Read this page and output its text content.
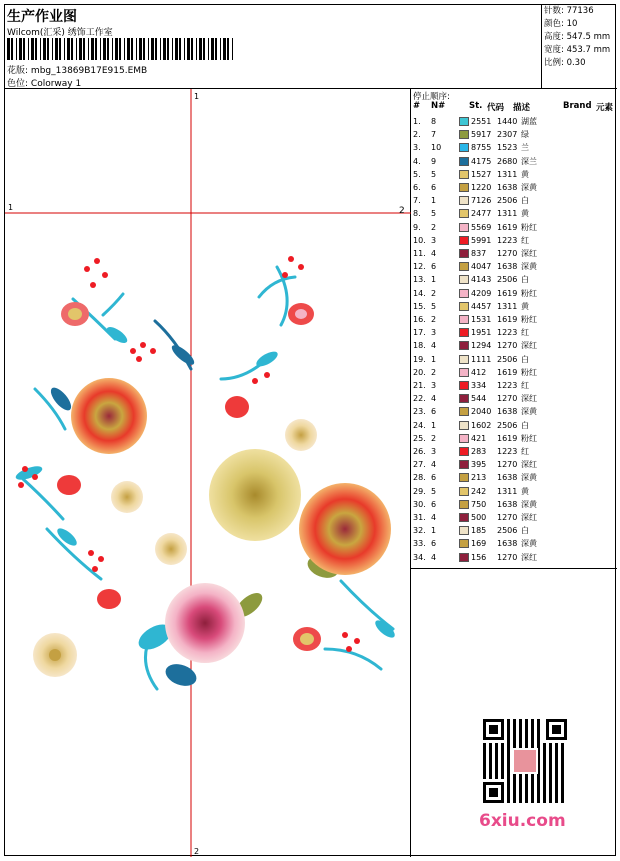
生产作业图
Wilcom(汇采) 绣饰工作室
花版: mbg_13869B17E915.EMB
色位: Colorway 1
针数: 77136
颜色: 10
高度: 547.5 mm
宽度: 453.7 mm
比例: 0.30
1
1	2
2
停止顺序:
# N#	St. 代码 描述	Brand 元素
1. 8	2551 1440 湖蓝
2. 7	5917 2307 绿
3. 10	8755 1523 兰
4. 9	4175 2680 深兰
5. 5	1527 1311 黄
6. 6	1220 1638 深黄
7. 1	7126 2506 白
8. 5	2477 1311 黄
9. 2	5569 1619 粉红
10. 3	5991 1223 红
11. 4	837 1270 深红
12. 6	4047 1638 深黄
13. 1	4143 2506 白
14. 2	4209 1619 粉红
15. 5	4457 1311 黄
16. 2	1531 1619 粉红
17. 3	1951 1223 红
18. 4	1294 1270 深红
19. 1	1111 2506 白
20. 2	412 1619 粉红
21. 3	334 1223 红
22. 4	544 1270 深红
23. 6	2040 1638 深黄
24. 1	1602 2506 白
25. 2	421 1619 粉红
26. 3	283 1223 红
27. 4	395 1270 深红
28. 6	213 1638 深黄
29. 5	242 1311 黄
30. 6	750 1638 深黄
31. 4	500 1270 深红
32. 1	185 2506 白
33. 6	169 1638 深黄
34. 4	156 1270 深红
6xiu.com
